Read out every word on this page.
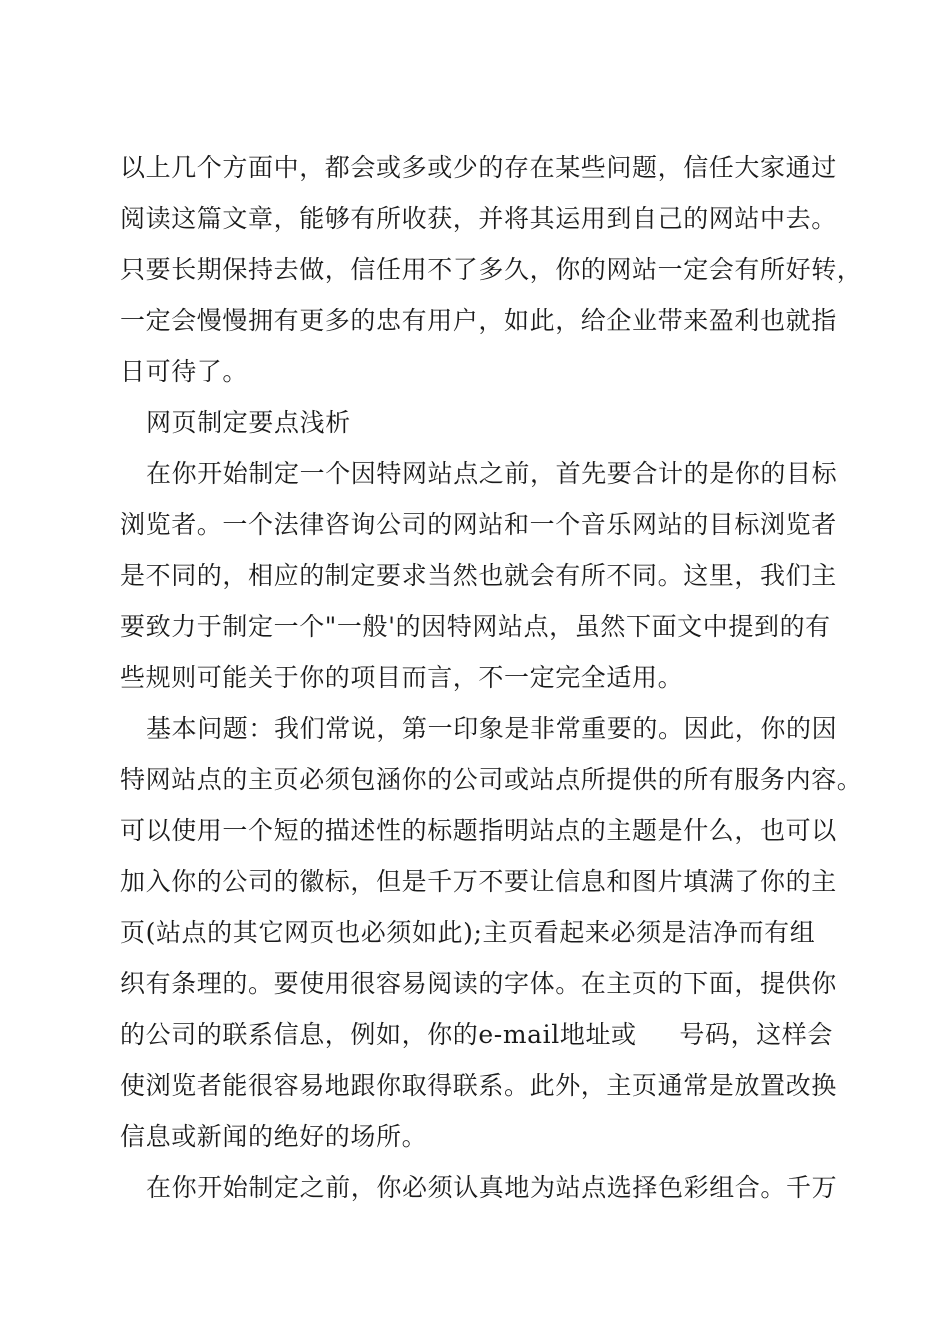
以上几个方面中，都会或多或少的存在某些问题，信任大家通过
阅读这篇文章，能够有所收获，并将其运用到自己的网站中去。
只要长期保持去做，信任用不了多久，你的网站一定会有所好转，
一定会慢慢拥有更多的忠有用户，如此，给企业带来盈利也就指
日可待了。
网页制定要点浅析
在你开始制定一个因特网站点之前，首先要合计的是你的目标
浏览者。一个法律咨询公司的网站和一个音乐网站的目标浏览者
是不同的，相应的制定要求当然也就会有所不同。这里，我们主
要致力于制定一个"一般'的因特网站点，虽然下面文中提到的有
些规则可能关于你的项目而言，不一定完全适用。
基本问题：我们常说，第一印象是非常重要的。因此，你的因
特网站点的主页必须包涵你的公司或站点所提供的所有服务内容。
可以使用一个短的描述性的标题指明站点的主题是什么，也可以
加入你的公司的徽标，但是千万不要让信息和图片填满了你的主
页(站点的其它网页也必须如此);主页看起来必须是洁净而有组
织有条理的。要使用很容易阅读的字体。在主页的下面，提供你
的公司的联系信息，例如，你的e-mail地址或     号码，这样会
使浏览者能很容易地跟你取得联系。此外，主页通常是放置改换
信息或新闻的绝好的场所。
在你开始制定之前，你必须认真地为站点选择色彩组合。千万
